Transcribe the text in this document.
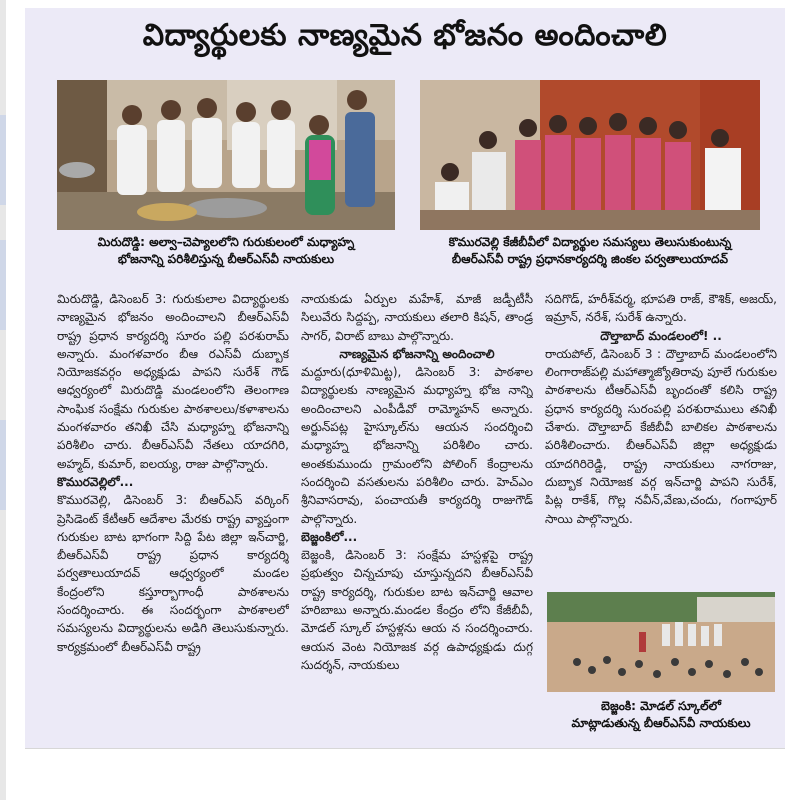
విద్యార్థులకు నాణ్యమైన భోజనం అందించాలి
మిరుదొడ్డి: అల్వా–చెప్యాలలోని గురుకులంలో మధ్యాహ్న
భోజనాన్ని పరిశీలిస్తున్న బీఆర్‌ఎస్‌వీ నాయకులు
కొమురవెల్లి కేజీబీవీలో విద్యార్థుల సమస్యలు తెలుసుకుంటున్న
బీఆర్‌ఎస్‌వీ రాష్ట్ర ప్రధానకార్యదర్శి జింకల పర్వతాలుయాదవ్

మిరుదొడ్డి, డిసెంబర్‌ 3: గురుకులాల విద్యార్థులకు నాణ్యమైన భోజనం అందించాలని బీఆర్‌ఎస్‌వీ రాష్ట్ర ప్రధాన కార్యదర్శి సూరం పల్లి పరశురామ్‌ అన్నారు. మంగళవారం బీఆ రఎస్‌వీ దుబ్బాక నియోజకవర్గం అధ్యక్షుడు పాపని సురేశ్‌ గౌడ్‌ ఆధ్వర్యంలో మిరుదొడ్డి మండలంలోని తెలంగాణ సాంఘిక సంక్షేమ గురుకుల పాఠశాలలు/కళాశాలను మంగళవారం తనిఖీ చేసి మధ్యాహ్న భోజనాన్ని పరిశీలిం చారు. బీఆర్‌ఎస్‌వీ నేతలు యాదగిరి, అహ్మద్‌, కుమార్‌, ఐలయ్య, రాజు పాల్గొన్నారు.

కొమురవెల్లిలో...

కొమురవెల్లి, డిసెంబర్‌ 3: బీఆర్‌ఎస్‌ వర్కింగ్‌ ప్రెసిడెంట్‌ కేటీఆర్‌ ఆదేశాల మేరకు రాష్ట్ర వ్యాప్తంగా గురుకుల బాట భాగంగా సిద్ది పేట జిల్లా ఇన్‌చార్జి, బీఆర్‌ఎస్‌వీ రాష్ట్ర ప్రధాన కార్యదర్శి పర్వతాలుయాదవ్‌ ఆధ్వర్యంలో మండల కేంద్రంలోని కస్తూర్బాగాంధీ పాఠశాలను సందర్శించారు. ఈ సందర్భంగా పాఠశాలలో సమస్యలను విద్యార్థులను అడిగి తెలుసుకున్నారు. కార్యక్రమంలో బీఆర్‌ఎస్‌వీ రాష్ట్ర

నాయకుడు ఏర్పుల మహేశ్‌, మాజీ జడ్పీటీసీ సిలువేరు సిద్దప్ప, నాయకులు తలారి కిషన్‌, తాండ్ర సాగర్‌, విరాట్‌ బాబు పాల్గొన్నారు.

నాణ్యమైన భోజనాన్ని అందించాలి

మద్దూరు(ధూళిమిట్ట), డిసెంబర్‌ 3: పాఠశాల విద్యార్థులకు నాణ్యమైన మధ్యాహ్న భోజ నాన్ని అందించాలని ఎంపీడీవో రామ్మోహన్‌ అన్నారు. అర్జున్‌పట్ల హైస్కూల్‌ను ఆయన సందర్శించి మధ్యాహ్న భోజనాన్ని పరిశీలిం చారు. అంతకుముందు గ్రామంలోని పోలింగ్‌ కేంద్రాలను సందర్శించి వసతులను పరిశీలిం చారు. హెచ్‌ఎం శ్రీనివాసరావు, పంచాయతీ కార్యదర్శి రాజుగౌడ్‌ పాల్గొన్నారు.

బెజ్జంకిలో...

బెజ్జంకి, డిసెంబర్‌ 3: సంక్షేమ హస్టళ్లపై రాష్ట్ర ప్రభుత్వం చిన్నచూపు చూస్తున్నదని బీఆర్‌ఎస్‌వీ రాష్ట్ర కార్యదర్శి, గురుకుల బాట ఇన్‌చార్జి ఆవాల హరిబాబు అన్నారు.మండల కేంద్రం లోని కేజీబీవీ, మోడల్‌ స్కూల్‌ హస్టళ్లను ఆయ న సందర్శించారు. ఆయన వెంట నియోజక వర్గ ఉపాధ్యక్షుడు దుగ్గ సుదర్శన్‌, నాయకులు

సదిగొడ్‌, హరీశ్‌వర్మ, భూపతి రాజ్‌, కౌశిక్‌, అజయ్‌, ఇమ్రాన్‌, నరేశ్‌, సురేశ్‌ ఉన్నారు.

దౌల్తాబాద్‌ మండలంలో! ..

రాయపోల్‌, డిసెంబర్‌ 3 : దౌల్తాబాద్‌ మండలంలోని లింగారాజ్‌పల్లి మహాత్మాజ్యోతిరావు పూలే గురుకుల పాఠశాలను టీఆర్‌ఎస్‌వీ బృందంతో కలిసి రాష్ట్ర ప్రధాన కార్యదర్శి సురంపల్లి పరశురాములు తనిఖీ చేశారు. దౌల్తాబాద్‌ కేజీబీవీ బాలికల పాఠశాలను పరిశీలించారు. బీఆర్‌ఎస్‌వీ జిల్లా అధ్యక్షుడు యాదగిరిరెడ్డి, రాష్ట్ర నాయకులు నాగరాజు, దుబ్బాక నియోజక వర్గ ఇన్‌చార్జి పాపని సురేశ్‌, పిట్ల రాకేశ్‌, గొల్ల నవీన్‌,వేణు,చందు, గంగాపూర్‌ సాయి పాల్గొన్నారు.

బెజ్జంకి: మోడల్‌ స్కూల్‌లో
మాట్లాడుతున్న బీఆర్‌ఎస్‌వీ నాయకులు
